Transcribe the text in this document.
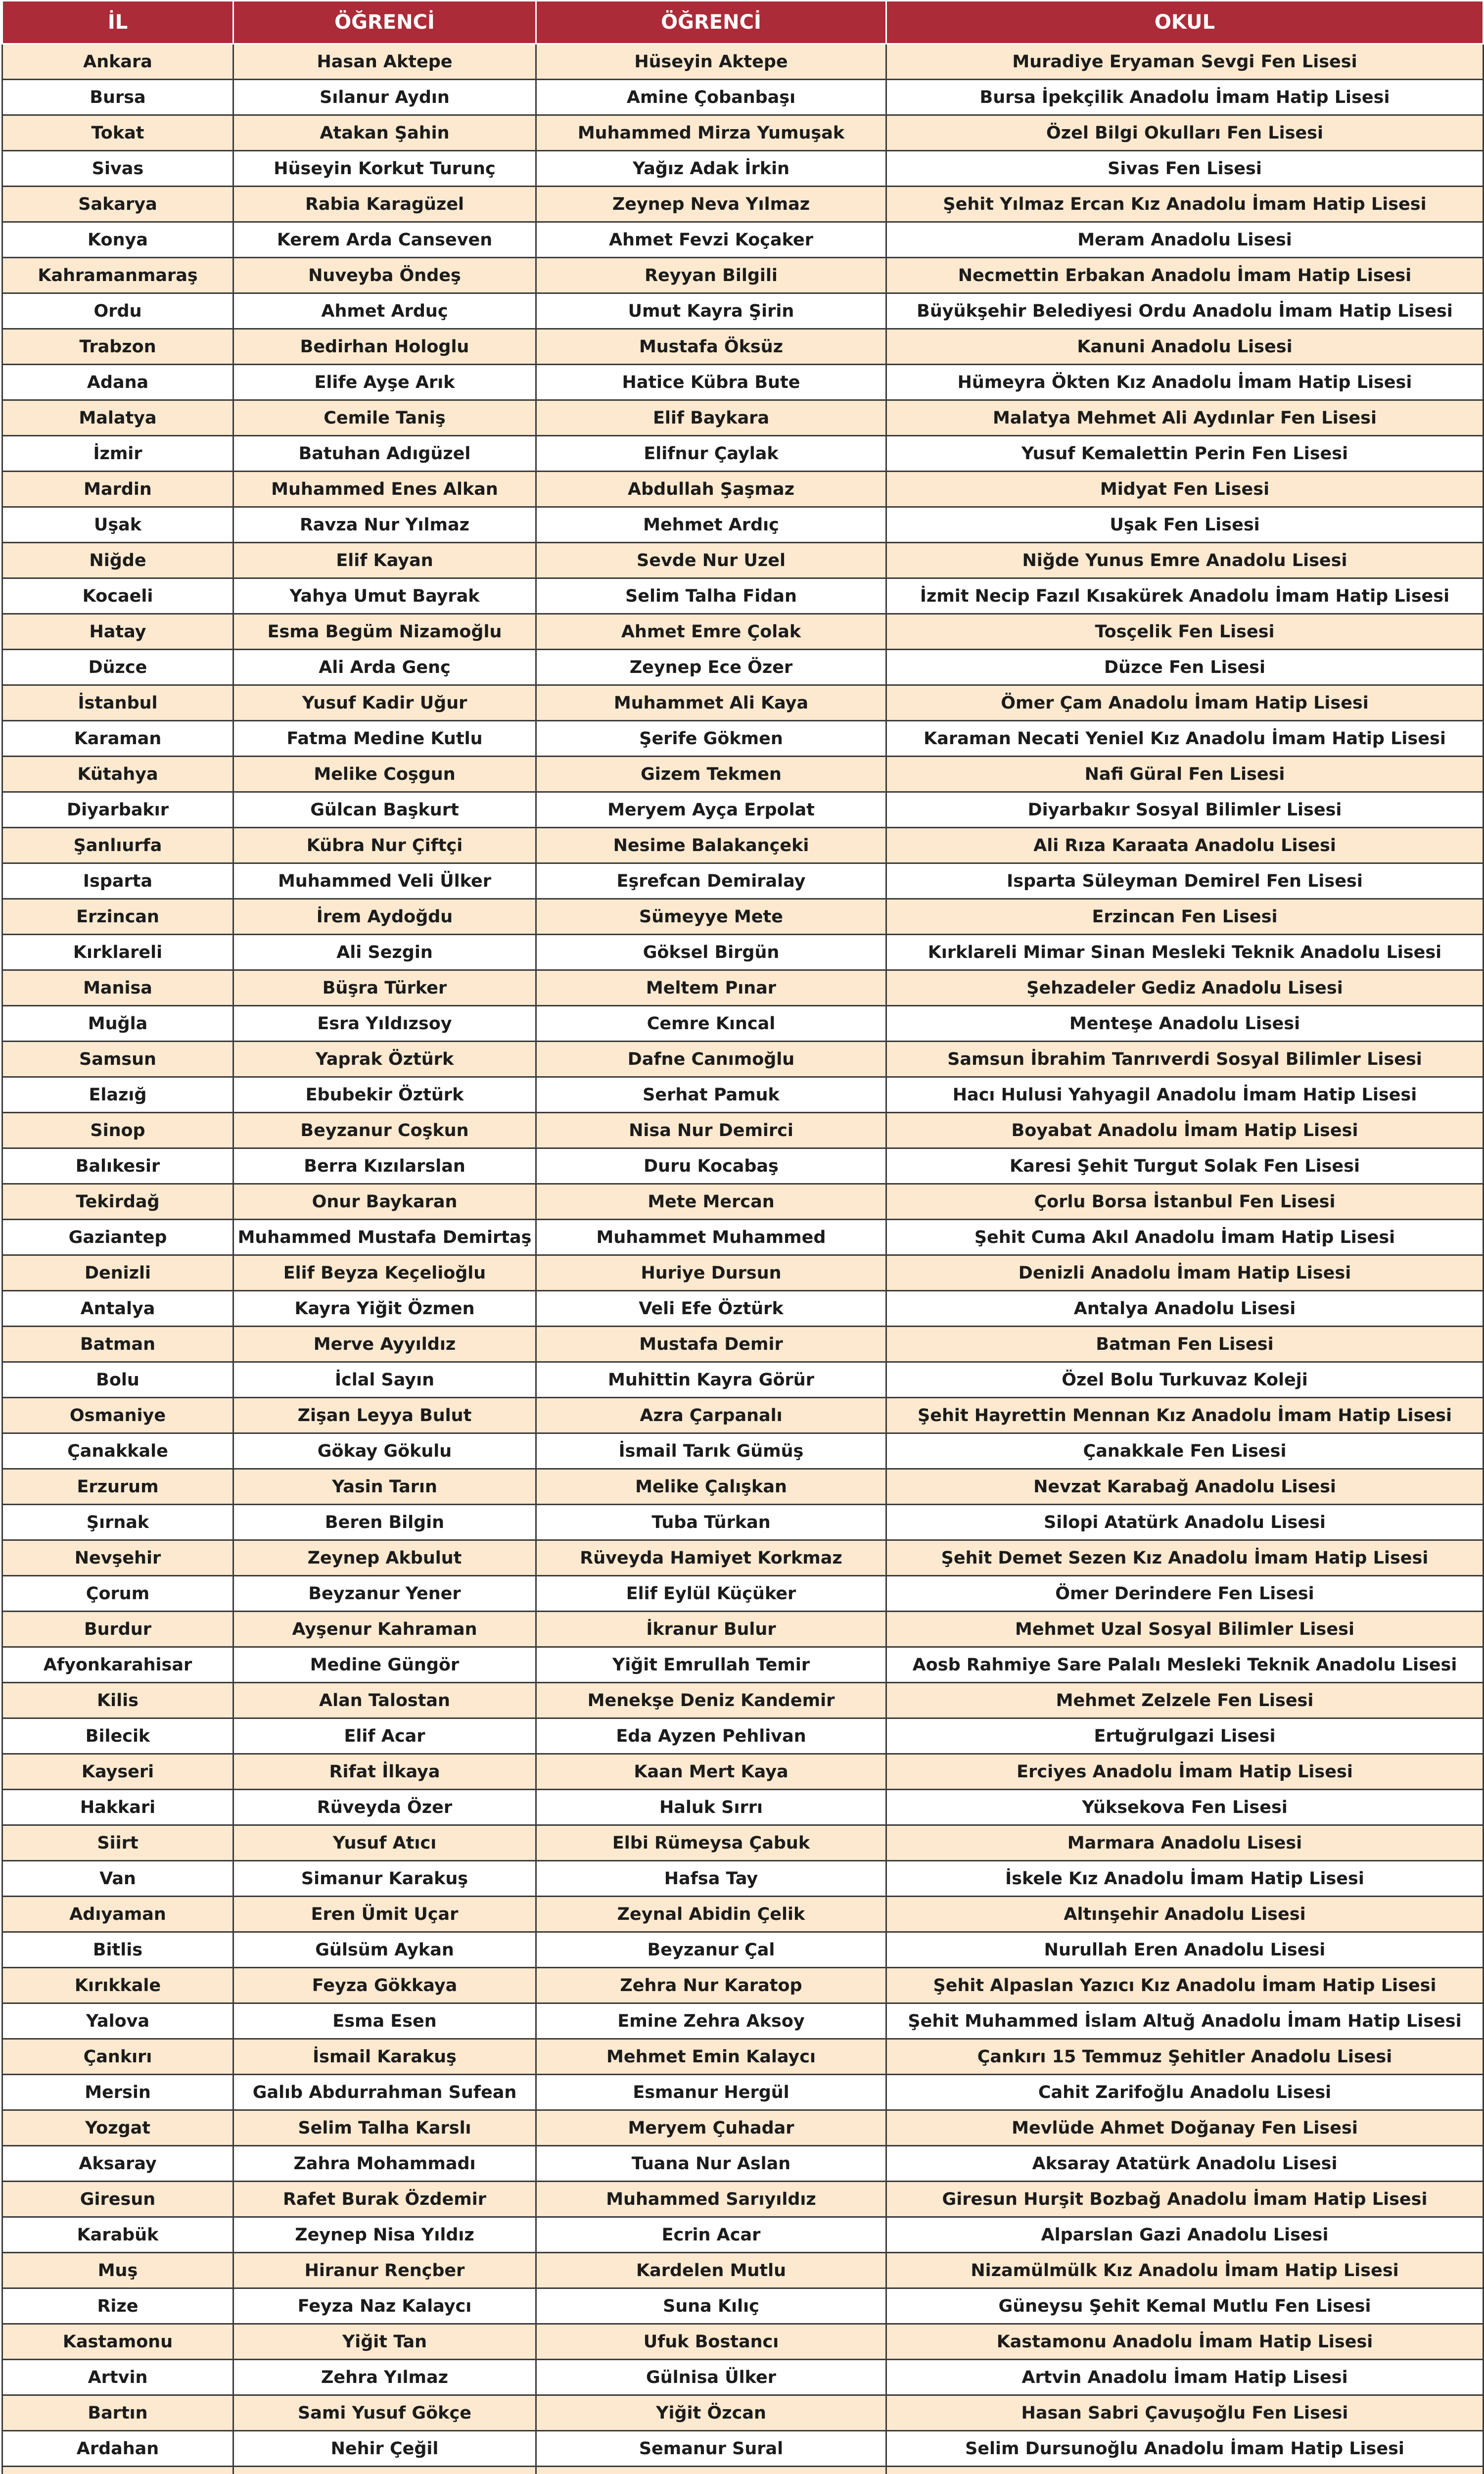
İL	ÖĞRENCİ	ÖĞRENCİ	OKUL
Ankara	Hasan Aktepe	Hüseyin Aktepe	Muradiye Eryaman Sevgi Fen Lisesi
Bursa	Sılanur Aydın	Amine Çobanbaşı	Bursa İpekçilik Anadolu İmam Hatip Lisesi
Tokat	Atakan Şahin	Muhammed Mirza Yumuşak	Özel Bilgi Okulları Fen Lisesi
Sivas	Hüseyin Korkut Turunç	Yağız Adak İrkin	Sivas Fen Lisesi
Sakarya	Rabia Karagüzel	Zeynep Neva Yılmaz	Şehit Yılmaz Ercan Kız Anadolu İmam Hatip Lisesi
Konya	Kerem Arda Canseven	Ahmet Fevzi Koçaker	Meram Anadolu Lisesi
Kahramanmaraş	Nuveyba Öndeş	Reyyan Bilgili	Necmettin Erbakan Anadolu İmam Hatip Lisesi
Ordu	Ahmet Arduç	Umut Kayra Şirin	Büyükşehir Belediyesi Ordu Anadolu İmam Hatip Lisesi
Trabzon	Bedirhan Hologlu	Mustafa Öksüz	Kanuni Anadolu Lisesi
Adana	Elife Ayşe Arık	Hatice Kübra Bute	Hümeyra Ökten Kız Anadolu İmam Hatip Lisesi
Malatya	Cemile Taniş	Elif Baykara	Malatya Mehmet Ali Aydınlar Fen Lisesi
İzmir	Batuhan Adıgüzel	Elifnur Çaylak	Yusuf Kemalettin Perin Fen Lisesi
Mardin	Muhammed Enes Alkan	Abdullah Şaşmaz	Midyat Fen Lisesi
Uşak	Ravza Nur Yılmaz	Mehmet Ardıç	Uşak Fen Lisesi
Niğde	Elif Kayan	Sevde Nur Uzel	Niğde Yunus Emre Anadolu Lisesi
Kocaeli	Yahya Umut Bayrak	Selim Talha Fidan	İzmit Necip Fazıl Kısakürek Anadolu İmam Hatip Lisesi
Hatay	Esma Begüm Nizamoğlu	Ahmet Emre Çolak	Tosçelik Fen Lisesi
Düzce	Ali Arda Genç	Zeynep Ece Özer	Düzce Fen Lisesi
İstanbul	Yusuf Kadir Uğur	Muhammet Ali Kaya	Ömer Çam Anadolu İmam Hatip Lisesi
Karaman	Fatma Medine Kutlu	Şerife Gökmen	Karaman Necati Yeniel Kız Anadolu İmam Hatip Lisesi
Kütahya	Melike Coşgun	Gizem Tekmen	Nafi Güral Fen Lisesi
Diyarbakır	Gülcan Başkurt	Meryem Ayça Erpolat	Diyarbakır Sosyal Bilimler Lisesi
Şanlıurfa	Kübra Nur Çiftçi	Nesime Balakançeki	Ali Rıza Karaata Anadolu Lisesi
Isparta	Muhammed Veli Ülker	Eşrefcan Demiralay	Isparta Süleyman Demirel Fen Lisesi
Erzincan	İrem Aydoğdu	Sümeyye Mete	Erzincan Fen Lisesi
Kırklareli	Ali Sezgin	Göksel Birgün	Kırklareli Mimar Sinan Mesleki Teknik Anadolu Lisesi
Manisa	Büşra Türker	Meltem Pınar	Şehzadeler Gediz Anadolu Lisesi
Muğla	Esra Yıldızsoy	Cemre Kıncal	Menteşe Anadolu Lisesi
Samsun	Yaprak Öztürk	Dafne Canımoğlu	Samsun İbrahim Tanrıverdi Sosyal Bilimler Lisesi
Elazığ	Ebubekir Öztürk	Serhat Pamuk	Hacı Hulusi Yahyagil Anadolu İmam Hatip Lisesi
Sinop	Beyzanur Coşkun	Nisa Nur Demirci	Boyabat Anadolu İmam Hatip Lisesi
Balıkesir	Berra Kızılarslan	Duru Kocabaş	Karesi Şehit Turgut Solak Fen Lisesi
Tekirdağ	Onur Baykaran	Mete Mercan	Çorlu Borsa İstanbul Fen Lisesi
Gaziantep	Muhammed Mustafa Demirtaş	Muhammet Muhammed	Şehit Cuma Akıl Anadolu İmam Hatip Lisesi
Denizli	Elif Beyza Keçelioğlu	Huriye Dursun	Denizli Anadolu İmam Hatip Lisesi
Antalya	Kayra Yiğit Özmen	Veli Efe Öztürk	Antalya Anadolu Lisesi
Batman	Merve Ayyıldız	Mustafa Demir	Batman Fen Lisesi
Bolu	İclal Sayın	Muhittin Kayra Görür	Özel Bolu Turkuvaz Koleji
Osmaniye	Zişan Leyya Bulut	Azra Çarpanalı	Şehit Hayrettin Mennan Kız Anadolu İmam Hatip Lisesi
Çanakkale	Gökay Gökulu	İsmail Tarık Gümüş	Çanakkale Fen Lisesi
Erzurum	Yasin Tarın	Melike Çalışkan	Nevzat Karabağ Anadolu Lisesi
Şırnak	Beren Bilgin	Tuba Türkan	Silopi Atatürk Anadolu Lisesi
Nevşehir	Zeynep Akbulut	Rüveyda Hamiyet Korkmaz	Şehit Demet Sezen Kız Anadolu İmam Hatip Lisesi
Çorum	Beyzanur Yener	Elif Eylül Küçüker	Ömer Derindere Fen Lisesi
Burdur	Ayşenur Kahraman	İkranur Bulur	Mehmet Uzal Sosyal Bilimler Lisesi
Afyonkarahisar	Medine Güngör	Yiğit Emrullah Temir	Aosb Rahmiye Sare Palalı Mesleki Teknik Anadolu Lisesi
Kilis	Alan Talostan	Menekşe Deniz Kandemir	Mehmet Zelzele Fen Lisesi
Bilecik	Elif Acar	Eda Ayzen Pehlivan	Ertuğrulgazi Lisesi
Kayseri	Rifat İlkaya	Kaan Mert Kaya	Erciyes Anadolu İmam Hatip Lisesi
Hakkari	Rüveyda Özer	Haluk Sırrı	Yüksekova Fen Lisesi
Siirt	Yusuf Atıcı	Elbi Rümeysa Çabuk	Marmara Anadolu Lisesi
Van	Simanur Karakuş	Hafsa Tay	İskele Kız Anadolu İmam Hatip Lisesi
Adıyaman	Eren Ümit Uçar	Zeynal Abidin Çelik	Altınşehir Anadolu Lisesi
Bitlis	Gülsüm Aykan	Beyzanur Çal	Nurullah Eren Anadolu Lisesi
Kırıkkale	Feyza Gökkaya	Zehra Nur Karatop	Şehit Alpaslan Yazıcı Kız Anadolu İmam Hatip Lisesi
Yalova	Esma Esen	Emine Zehra Aksoy	Şehit Muhammed İslam Altuğ Anadolu İmam Hatip Lisesi
Çankırı	İsmail Karakuş	Mehmet Emin Kalaycı	Çankırı 15 Temmuz Şehitler Anadolu Lisesi
Mersin	Galıb Abdurrahman Sufean	Esmanur Hergül	Cahit Zarifoğlu Anadolu Lisesi
Yozgat	Selim Talha Karslı	Meryem Çuhadar	Mevlüde Ahmet Doğanay Fen Lisesi
Aksaray	Zahra Mohammadı	Tuana Nur Aslan	Aksaray Atatürk Anadolu Lisesi
Giresun	Rafet Burak Özdemir	Muhammed Sarıyıldız	Giresun Hurşit Bozbağ Anadolu İmam Hatip Lisesi
Karabük	Zeynep Nisa Yıldız	Ecrin Acar	Alparslan Gazi Anadolu Lisesi
Muş	Hiranur Rençber	Kardelen Mutlu	Nizamülmülk Kız Anadolu İmam Hatip Lisesi
Rize	Feyza Naz Kalaycı	Suna Kılıç	Güneysu Şehit Kemal Mutlu Fen Lisesi
Kastamonu	Yiğit Tan	Ufuk Bostancı	Kastamonu Anadolu İmam Hatip Lisesi
Artvin	Zehra Yılmaz	Gülnisa Ülker	Artvin Anadolu İmam Hatip Lisesi
Bartın	Sami Yusuf Gökçe	Yiğit Özcan	Hasan Sabri Çavuşoğlu Fen Lisesi
Ardahan	Nehir Çeğil	Semanur Sural	Selim Dursunoğlu Anadolu İmam Hatip Lisesi
